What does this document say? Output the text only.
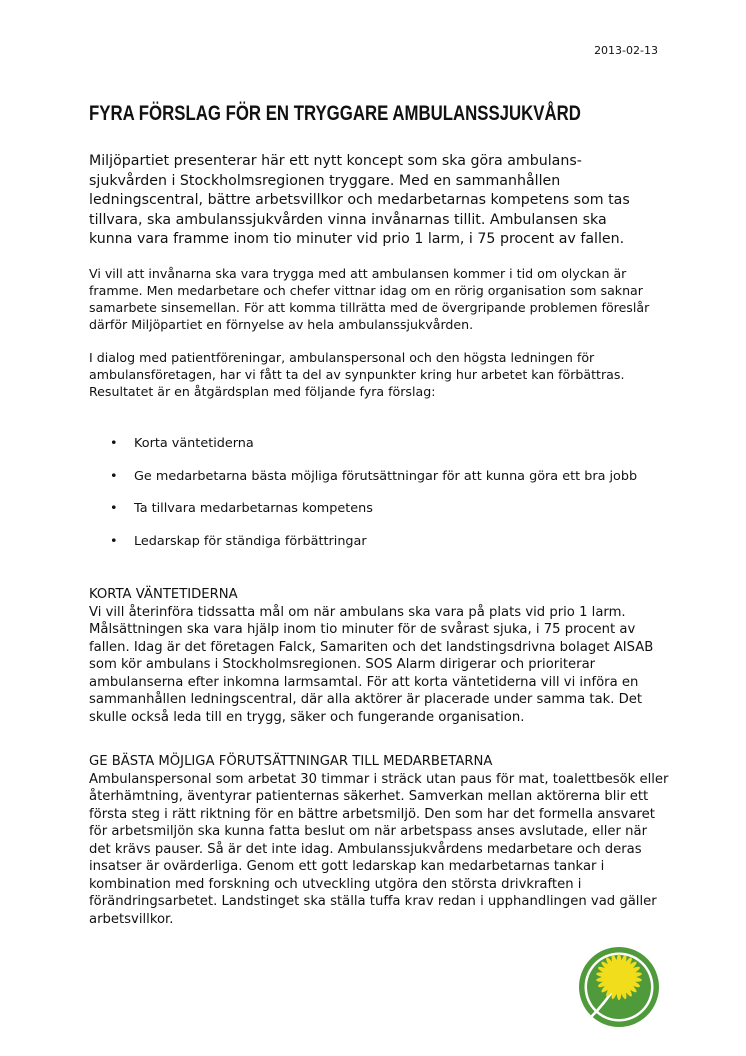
2013-02-13
FYRA FÖRSLAG FÖR EN TRYGGARE AMBULANSSJUKVÅRD

Miljöpartiet presenterar här ett nytt koncept som ska göra ambulans-sjukvården i Stockholmsregionen tryggare. Med en sammanhållen ledningscentral, bättre arbetsvillkor och medarbetarnas kompetens som tas tillvara, ska ambulanssjukvården vinna invånarnas tillit. Ambulansen ska kunna vara framme inom tio minuter vid prio 1 larm, i 75 procent av fallen.

Vi vill att invånarna ska vara trygga med att ambulansen kommer i tid om olyckan är framme. Men medarbetare och chefer vittnar idag om en rörig organisation som saknar samarbete sinsemellan. För att komma tillrätta med de övergripande problemen föreslår därför Miljöpartiet en förnyelse av hela ambulanssjukvården.

I dialog med patientföreningar, ambulanspersonal och den högsta ledningen för ambulansföretagen, har vi fått ta del av synpunkter kring hur arbetet kan förbättras. Resultatet är en åtgärdsplan med följande fyra förslag:

•	Korta väntetiderna
•	Ge medarbetarna bästa möjliga förutsättningar för att kunna göra ett bra jobb
•	Ta tillvara medarbetarnas kompetens
•	Ledarskap för ständiga förbättringar
KORTA VÄNTETIDERNA

Vi vill återinföra tidssatta mål om när ambulans ska vara på plats vid prio 1 larm. Målsättningen ska vara hjälp inom tio minuter för de svårast sjuka, i 75 procent av fallen. Idag är det företagen Falck, Samariten och det landstingsdrivna bolaget AISAB som kör ambulans i Stockholmsregionen. SOS Alarm dirigerar och prioriterar ambulanserna efter inkomna larmsamtal. För att korta väntetiderna vill vi införa en sammanhållen ledningscentral, där alla aktörer är placerade under samma tak. Det skulle också leda till en trygg, säker och fungerande organisation.

GE BÄSTA MÖJLIGA FÖRUTSÄTTNINGAR TILL MEDARBETARNA

Ambulanspersonal som arbetat 30 timmar i sträck utan paus för mat, toalettbesök eller återhämtning, äventyrar patienternas säkerhet. Samverkan mellan aktörerna blir ett första steg i rätt riktning för en bättre arbetsmiljö. Den som har det formella ansvaret för arbetsmiljön ska kunna fatta beslut om när arbetspass anses avslutade, eller när det krävs pauser. Så är det inte idag. Ambulanssjukvårdens medarbetare och deras insatser är ovärderliga. Genom ett gott ledarskap kan medarbetarnas tankar i kombination med forskning och utveckling utgöra den största drivkraften i förändringsarbetet. Landstinget ska ställa tuffa krav redan i upphandlingen vad gäller arbetsvillkor.
